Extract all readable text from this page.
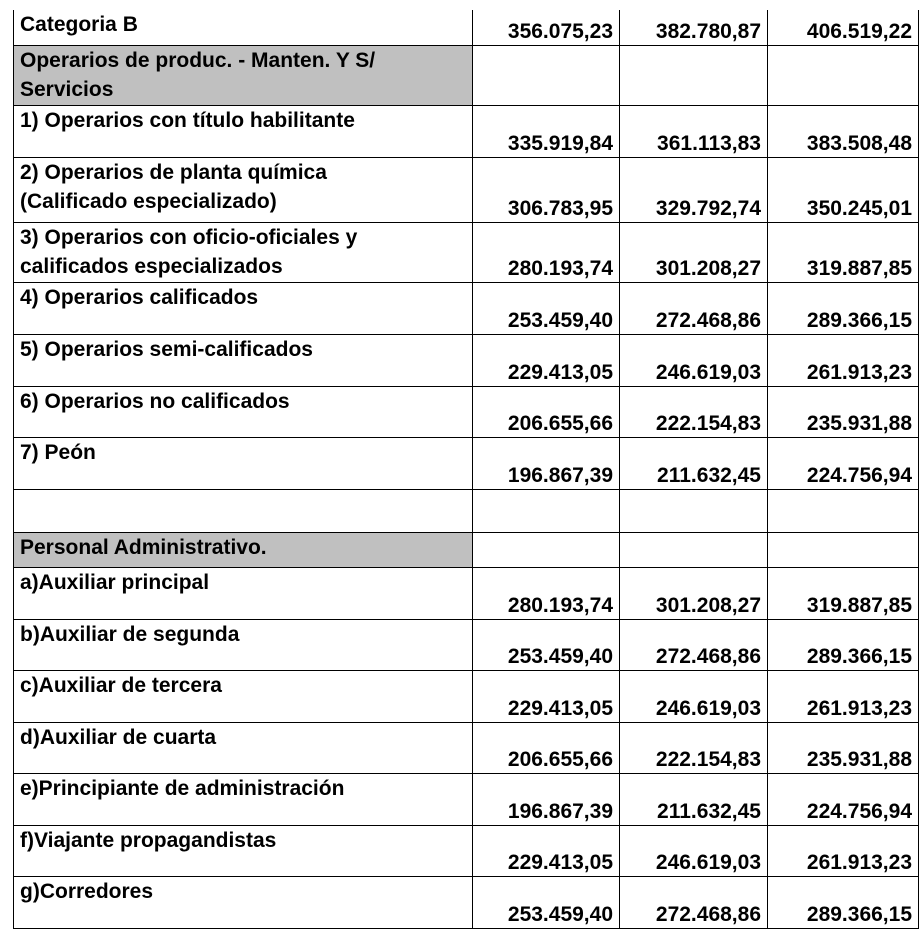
Categoria B	356.075,23	382.780,87	406.519,22

Operarios de produc. - Manten. Y S/
Servicios			

1) Operarios con título habilitante	335.919,84	361.113,83	383.508,48

2) Operarios de planta química
(Calificado especializado)	306.783,95	329.792,74	350.245,01

3) Operarios con oficio-oficiales y
calificados especializados	280.193,74	301.208,27	319.887,85

4) Operarios calificados	253.459,40	272.468,86	289.366,15

5) Operarios semi-calificados	229.413,05	246.619,03	261.913,23

6) Operarios no calificados	206.655,66	222.154,83	235.931,88

7) Peón	196.867,39	211.632,45	224.756,94

Personal Administrativo.			

a)Auxiliar principal	280.193,74	301.208,27	319.887,85

b)Auxiliar de segunda	253.459,40	272.468,86	289.366,15

c)Auxiliar de tercera	229.413,05	246.619,03	261.913,23

d)Auxiliar de cuarta	206.655,66	222.154,83	235.931,88

e)Principiante de administración	196.867,39	211.632,45	224.756,94

f)Viajante propagandistas	229.413,05	246.619,03	261.913,23

g)Corredores	253.459,40	272.468,86	289.366,15
